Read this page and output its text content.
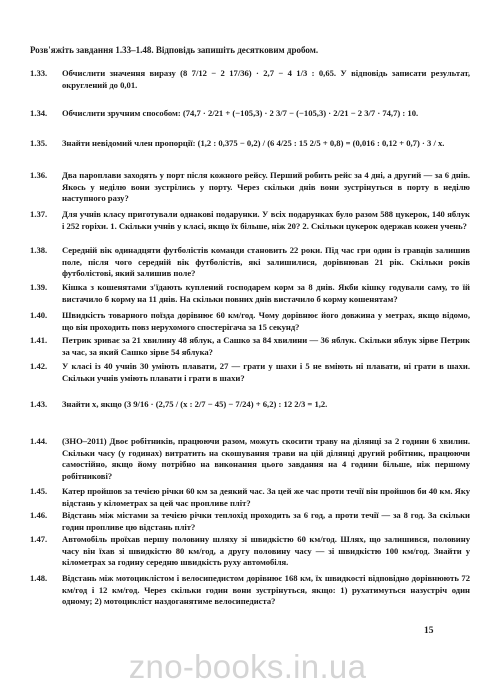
Розв'яжіть завдання 1.33–1.48. Відповідь запишіть десятковим дробом.
1.33.	Обчислити значення виразу (8 7/12 − 2 17/36) · 2,7 − 4 1/3 : 0,65. У відповідь записати результат, округлений до 0,01.
1.34.	Обчислити зручним способом: (74,7 · 2/21 + (−105,3) · 2 3/7 − (−105,3) · 2/21 − 2 3/7 · 74,7) : 10.
1.35.	Знайти невідомий член пропорції: (1,2 : 0,375 − 0,2) / (6 4/25 : 15 2/5 + 0,8) = (0,016 : 0,12 + 0,7) · 3 / x.
1.36.	Два пароплави заходять у порт після кожного рейсу. Перший робить рейс за 4 дні, а другий — за 6 днів. Якось у неділю вони зустрілись у порту. Через скільки днів вони зустрінуться в порту в неділю наступного разу?
1.37.	Для учнів класу приготували однакові подарунки. У всіх подарунках було разом 588 цукерок, 140 яблук і 252 горіхи. 1. Скільки учнів у класі, якщо їх більше, ніж 20? 2. Скільки цукерок одержав кожен учень?
1.38.	Середній вік одинадцяти футболістів команди становить 22 роки. Під час гри один із гравців залишив поле, після чого середній вік футболістів, які залишилися, дорівнював 21 рік. Скільки років футболістові, який залишив поле?
1.39.	Кішка з кошенятами з'їдають куплений господарем корм за 8 днів. Якби кішку годували саму, то їй вистачило б корму на 11 днів. На скільки повних днів вистачило б корму кошенятам?
1.40.	Швидкість товарного поїзда дорівнює 60 км/год. Чому дорівнює його довжина у метрах, якщо відомо, що він проходить повз нерухомого спостерігача за 15 секунд?
1.41.	Петрик зриває за 21 хвилину 48 яблук, а Сашко за 84 хвилини — 36 яблук. Скільки яблук зірве Петрик за час, за який Сашко зірве 54 яблука?
1.42.	У класі із 40 учнів 30 уміють плавати, 27 — грати у шахи і 5 не вміють ні плавати, ні грати в шахи. Скільки учнів уміють плавати і грати в шахи?
1.43.	Знайти x, якщо (3 9/16 · (2,75 / (x : 2/7 − 45) − 7/24) + 6,2) : 12 2/3 = 1,2.
1.44.	(ЗНО–2011) Двоє робітників, працюючи разом, можуть скосити траву на ділянці за 2 години 6 хвилин. Скільки часу (у годинах) витратить на скошування трави на цій ділянці другий робітник, працюючи самостійно, якщо йому потрібно на виконання цього завдання на 4 години більше, ніж першому робітникові?
1.45.	Катер пройшов за течією річки 60 км за деякий час. За цей же час проти течії він пройшов би 40 км. Яку відстань у кілометрах за цей час пропливе пліт?
1.46.	Відстань між містами за течією річки теплохід проходить за 6 год, а проти течії — за 8 год. За скільки годин пропливе цю відстань пліт?
1.47.	Автомобіль проїхав першу половину шляху зі швидкістю 60 км/год. Шлях, що залишився, половину часу він їхав зі швидкістю 80 км/год, а другу половину часу — зі швидкістю 100 км/год. Знайти у кілометрах за годину середню швидкість руху автомобіля.
1.48.	Відстань між мотоциклістом і велосипедистом дорівнює 168 км, їх швидкості відповідно дорівнюють 72 км/год і 12 км/год. Через скільки годин вони зустрінуться, якщо: 1) рухатимуться назустріч один одному; 2) мотоцикліст наздоганятиме велосипедиста?
15
zno-books.in.ua
